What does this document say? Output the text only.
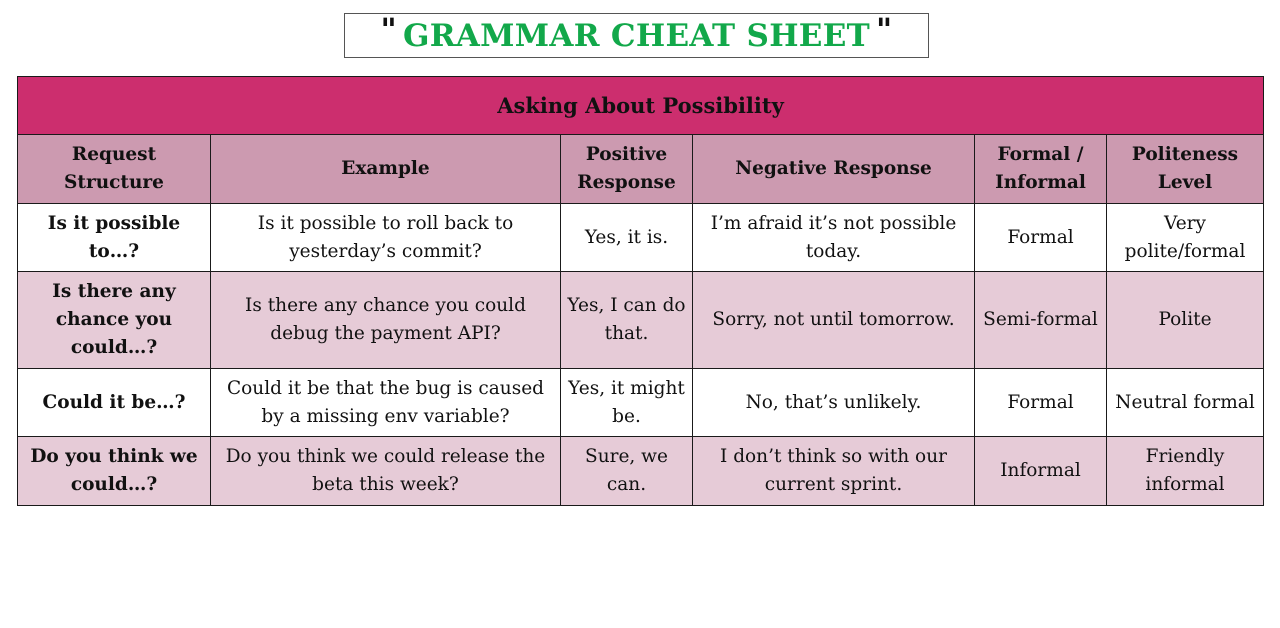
" GRAMMAR CHEAT SHEET "
Asking About Possibility					
Request Structure	Example	Positive Response	Negative Response	Formal / Informal	Politeness Level
Is it possible to…?	Is it possible to roll back to yesterday’s commit?	Yes, it is.	I’m afraid it’s not possible today.	Formal	Very polite/formal
Is there any chance you could…?	Is there any chance you could debug the payment API?	Yes, I can do that.	Sorry, not until tomorrow.	Semi-formal	Polite
Could it be…?	Could it be that the bug is caused by a missing env variable?	Yes, it might be.	No, that’s unlikely.	Formal	Neutral formal
Do you think we could…?	Do you think we could release the beta this week?	Sure, we can.	I don’t think so with our current sprint.	Informal	Friendly informal
